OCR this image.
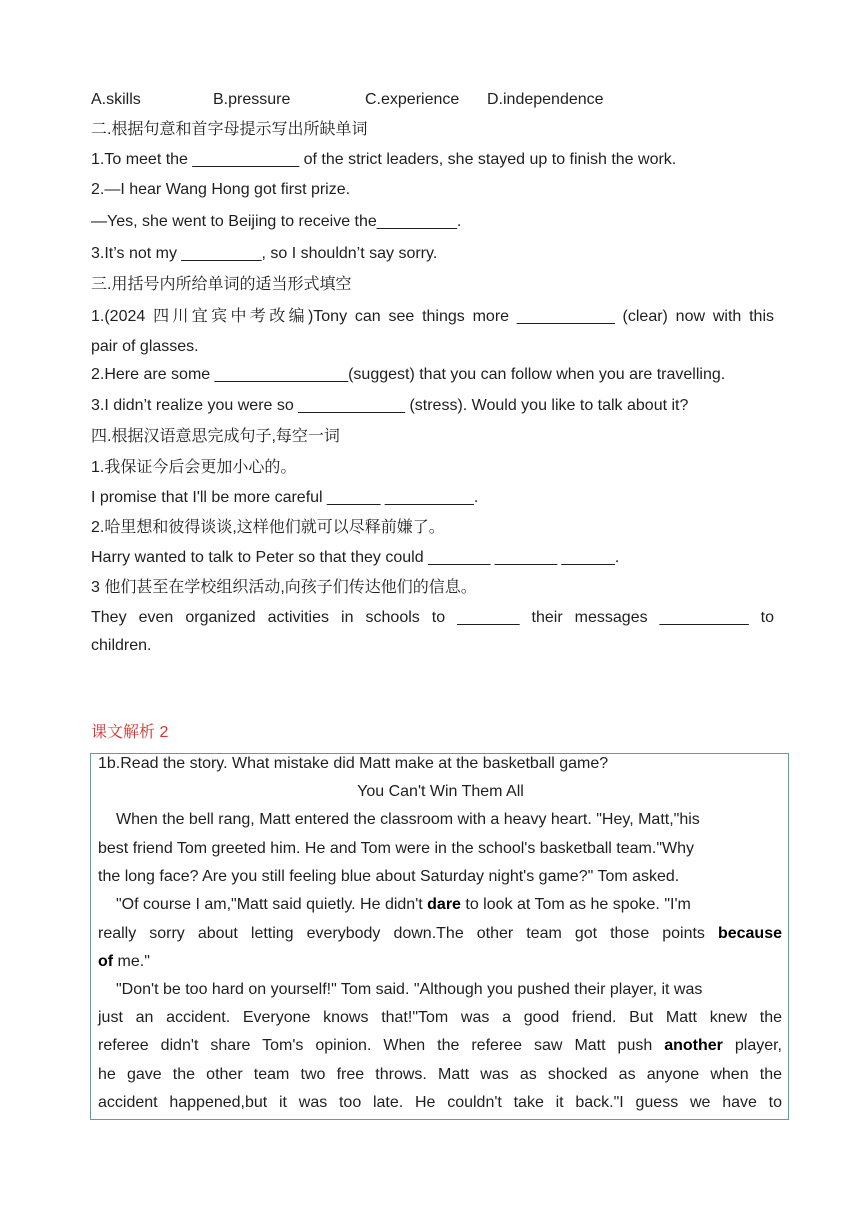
A.skills	B.pressure	C.experience D.independence
二.根据句意和首字母提示写出所缺单词
1.To meet the ____________ of the strict leaders, she stayed up to finish the work.
2.—I hear Wang Hong got first prize.
—Yes, she went to Beijing to receive the_________.
3.It’s not my _________, so I shouldn’t say sorry.
三.用括号内所给单词的适当形式填空
1.(2024 四川宜宾中考改编)Tony can see things more ___________ (clear) now with this
pair of glasses.
2.Here are some _______________(suggest) that you can follow when you are travelling.
3.I didn’t realize you were so ____________ (stress). Would you like to talk about it?
四.根据汉语意思完成句子,每空一词
1.我保证今后会更加小心的。
I promise that I'll be more careful ______ __________.
2.哈里想和彼得谈谈,这样他们就可以尽释前嫌了。
Harry wanted to talk to Peter so that they could _______ _______ ______.
3 他们甚至在学校组织活动,向孩子们传达他们的信息。
They even organized activities in schools to _______ their messages __________ to
children.
课文解析 2
1b.Read the story. What mistake did Matt make at the basketball game?
You Can't Win Them All
When the bell rang, Matt entered the classroom with a heavy heart. "Hey, Matt,"his
best friend Tom greeted him. He and Tom were in the school's basketball team."Why
the long face? Are you still feeling blue about Saturday night's game?" Tom asked.
"Of course I am,"Matt said quietly. He didn't dare to look at Tom as he spoke. "I'm
really sorry about letting everybody down.The other team got those points because
of me."
"Don't be too hard on yourself!" Tom said. "Although you pushed their player, it was
just an accident. Everyone knows that!"Tom was a good friend. But Matt knew the
referee didn't share Tom's opinion. When the referee saw Matt push another player,
he gave the other team two free throws. Matt was as shocked as anyone when the
accident happened,but it was too late. He couldn't take it back."I guess we have to
